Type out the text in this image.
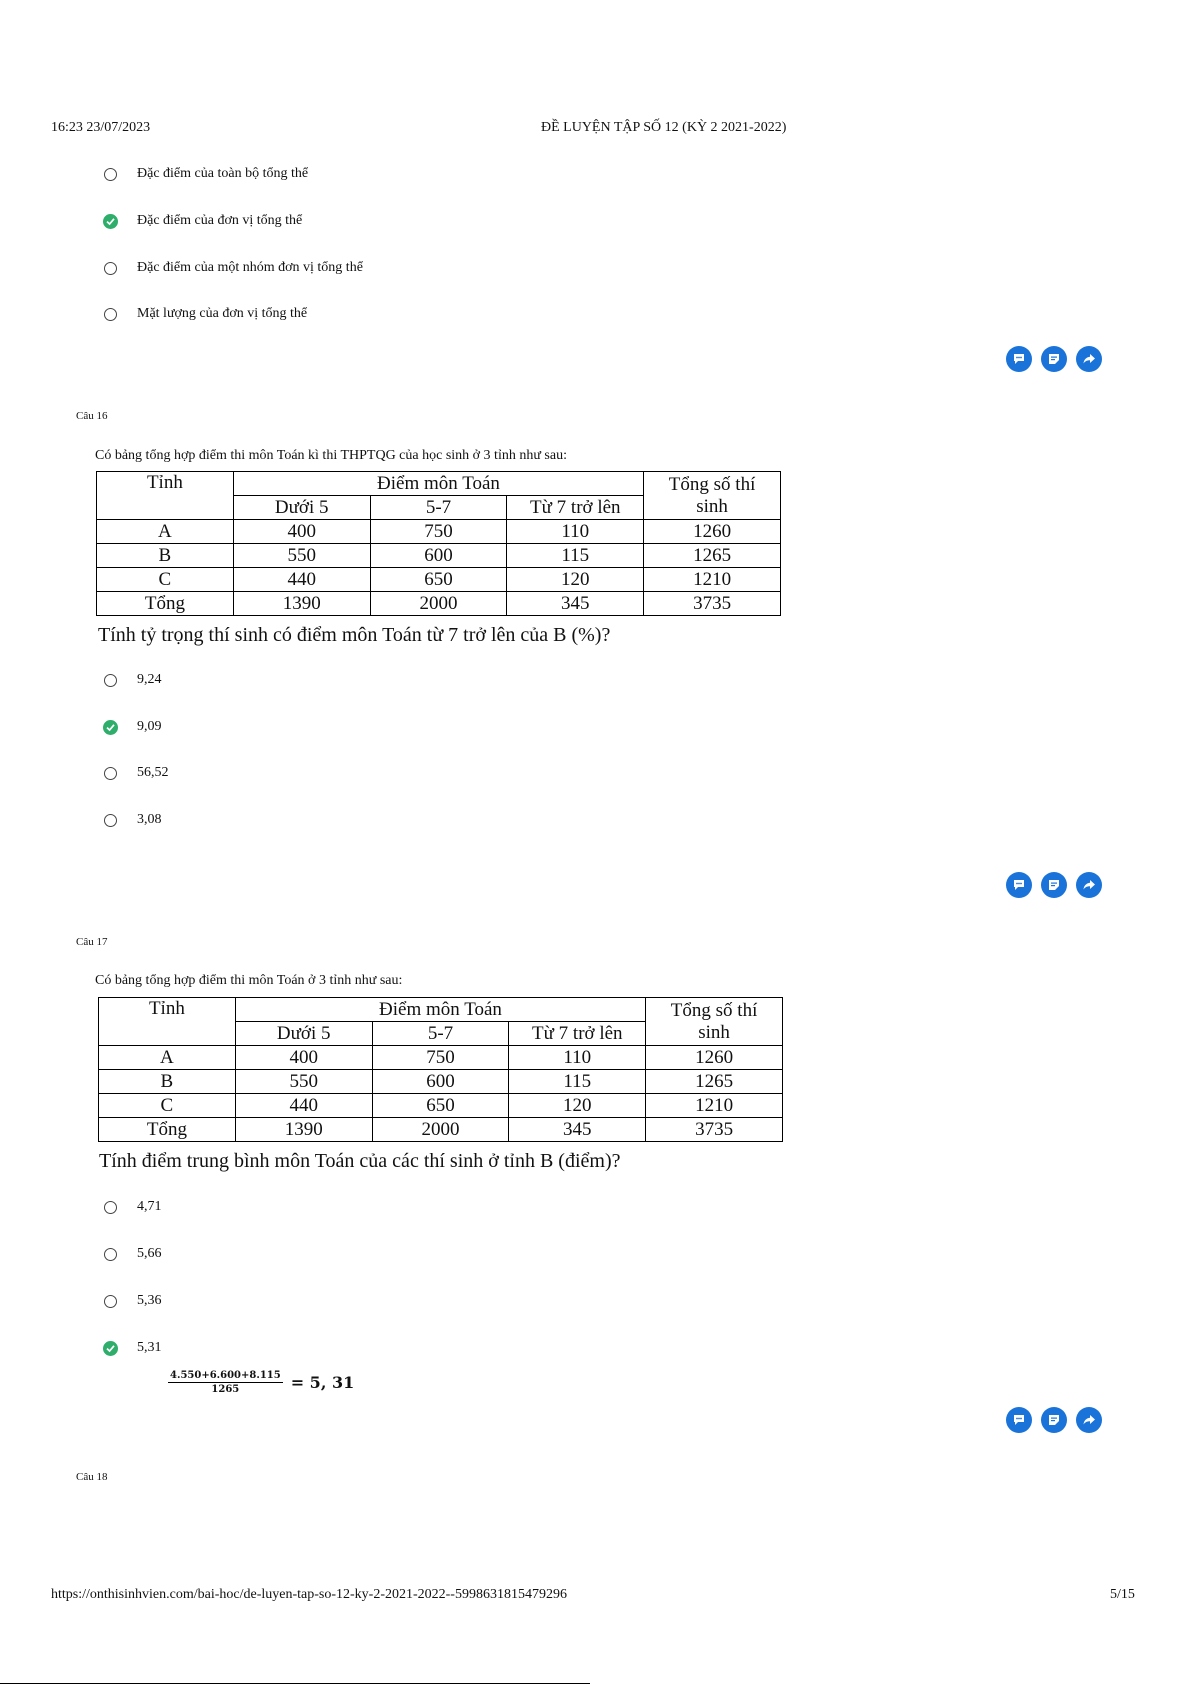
16:23 23/07/2023	ĐỀ LUYỆN TẬP SỐ 12 (KỲ 2 2021-2022)
Đặc điểm của toàn bộ tổng thể
Đặc điểm của đơn vị tổng thể
Đặc điểm của một nhóm đơn vị tổng thể
Mặt lượng của đơn vị tổng thể
Câu 16
Có bảng tổng hợp điểm thi môn Toán kì thi THPTQG của học sinh ở 3 tỉnh như sau:
Tỉnh	Điểm môn Toán			Tổng số thí
sinh
	Dưới 5	5-7	Từ 7 trở lên	
A	400	750	110	1260
B	550	600	115	1265
C	440	650	120	1210
Tổng	1390	2000	345	3735
Tính tỷ trọng thí sinh có điểm môn Toán từ 7 trở lên của B (%)?
9,24
9,09
56,52
3,08
Câu 17
Có bảng tổng hợp điểm thi môn Toán ở 3 tỉnh như sau:
Tỉnh	Điểm môn Toán			Tổng số thí
sinh
	Dưới 5	5-7	Từ 7 trở lên	
A	400	750	110	1260
B	550	600	115	1265
C	440	650	120	1210
Tổng	1390	2000	345	3735
Tính điểm trung bình môn Toán của các thí sinh ở tỉnh B (điểm)?
4,71
5,66
5,36
5,31
$\frac{4.550+6.600+8.115}{1265} = 5$, 31
Câu 18
https://onthisinhvien.com/bai-hoc/de-luyen-tap-so-12-ky-2-2021-2022--5998631815479296	5/15
